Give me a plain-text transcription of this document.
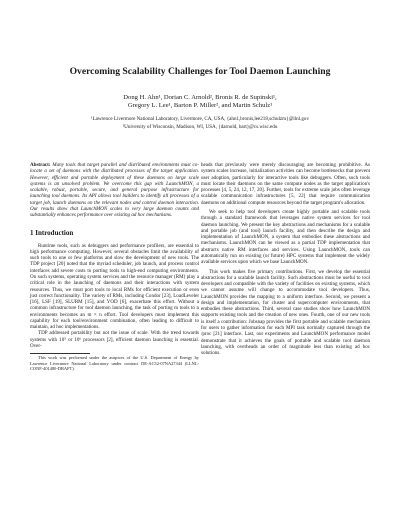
Overcoming Scalability Challenges for Tool Daemon Launching
Dong H. Ahn¹, Dorian C. Arnold², Bronis R. de Supinski¹,
Gregory L. Lee¹, Barton P. Miller², and Martin Schulz¹
¹Lawrence Livermore National Laboratory, Livermore, CA, USA, {ahn1,bronis,lee218,schulzm}@llnl.gov
²University of Wisconsin, Madison, WI, USA, {darnold, bart}@cs.wisc.edu

Abstract: Many tools that target parallel and distributed environments must co-locate a set of daemons with the distributed processes of the target application. However, efficient and portable deployment of these daemons on large scale systems is an unsolved problem. We overcome this gap with LaunchMON, a scalable, robust, portable, secure, and general purpose infrastructure for launching tool daemons. Its API allows tool builders to identify all processes of a target job, launch daemons on the relevant nodes and control daemon interaction. Our results show that LaunchMON scales to very large daemon counts and substantially enhances performance over existing ad hoc mechanisms.

1 Introduction

Runtime tools, such as debuggers and performance profilers, are essential to high performance computing. However, several obstacles limit the availability of such tools to one or few platforms and slow the development of new tools. The TDP project [20] noted that the myriad scheduler, job launch, and process control interfaces add severe costs to porting tools to high-end computing environments. On such systems, operating system services and the resource manager (RM) play a critical role in the launching of daemons and their interactions with system resources. Thus, we must port tools to local RMs for efficient execution or even just correct functionality. The variety of RMs, including Condor [23], LoadLeveler [16], LSF [19], SLURM [15], and YOD [6], exacerbate this effort. Without a common infrastructure for tool daemon launching, the task of porting m tools to n environments becomes an m × n effort. Tool developers must implement this capability for each tool/environment combination, often leading to difficult to maintain, ad hoc implementations.

TDP addressed portability but not the issue of scale. With the trend towards systems with 10⁵ or 10⁶ processors [2], efficient daemon launching is essential. Over-

This work was performed under the auspices of the U.S. Department of Energy by Lawrence Livermore National Laboratory under contract DE-AC52-07NA27344 (LLNL-CONF-401480-DRAFT).

heads that previously were merely discouraging are becoming prohibitive. As system scales increase, initialization activities can become bottlenecks that prevent user adoption, particularly for interactive tools like debuggers. Often, such tools must locate their daemons on the same compute nodes as the target application's processes [4, 5, 24, 12, 17, 20]. Further, tools for extreme scale jobs often leverage scalable communication infrastructures [5, 22] that require communication daemons on additional compute resources beyond the target program's allocation.

We seek to help tool developers create highly portable and scalable tools through a standard framework that leverages native system services for tool daemon launching. We present the key abstractions and mechanisms for a scalable and portable job (and tool) launch facility, and then describe the design and implementation of LaunchMON, a system that embodies these abstractions and mechanisms. LaunchMON can be viewed as a partial TDP implementation that abstracts native RM interfaces and services. Using LaunchMON, tools can automatically run on existing (or future) HPC systems that implement the widely available services upon which we base LaunchMON.

This work makes five primary contributions. First, we develop the essential abstractions for a scalable launch facility. Such abstractions must be useful to tool developers and compatible with the variety of facilities on existing systems, which we cannot assume will change to accommodate tool developers. Thus, LaunchMON provides the mapping to a uniform interface. Second, we present a design and implementation, for cluster and supercomputer environments, that embodies these abstractions. Third, several case studies show how LaunchMON supports existing tools and the creation of new ones. Fourth, one of our new tools is itself a contribution: Jobsnap provides the first portable and scalable mechanism for users to gather information for each MPI task normally captured through the /proc [21] interface. Last, our experiments and LaunchMON performance model demonstrate that it achieves the goals of portable and scalable tool daemon launching, with overheads an order of magnitude less than existing ad hoc solutions.
